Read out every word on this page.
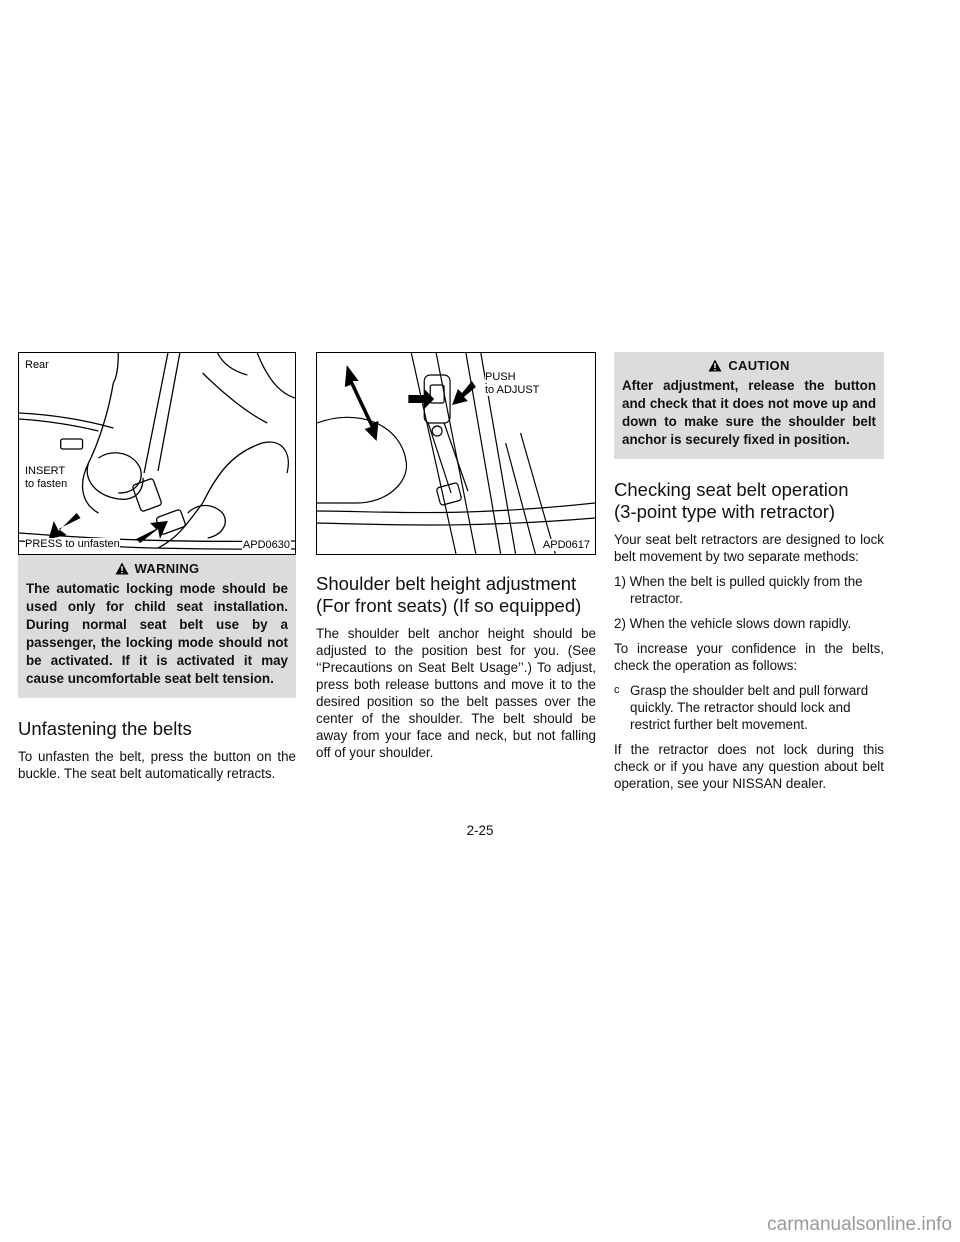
Rear
INSERT
to fasten
PRESS to unfasten	APD0630
WARNING
The automatic locking mode should be used only for child seat installation. During normal seat belt use by a passenger, the locking mode should not be activated. If it is activated it may cause uncomfortable seat belt tension.
Unfastening the belts

To unfasten the belt, press the button on the buckle. The seat belt automatically retracts.

PUSH
to ADJUST
APD0617
Shoulder belt height adjustment
(For front seats) (If so equipped)

The shoulder belt anchor height should be adjusted to the position best for you. (See ‘‘Precautions on Seat Belt Usage’’.) To adjust, press both release buttons and move it to the desired position so the belt passes over the center of the shoulder. The belt should be away from your face and neck, but not falling off of your shoulder.

CAUTION
After adjustment, release the button and check that it does not move up and down to make sure the shoulder belt anchor is securely fixed in position.
Checking seat belt operation
(3-point type with retractor)

Your seat belt retractors are designed to lock belt movement by two separate methods:

1) When the belt is pulled quickly from the retractor.
2) When the vehicle slows down rapidly.

To increase your confidence in the belts, check the operation as follows:

c Grasp the shoulder belt and pull forward quickly. The retractor should lock and restrict further belt movement.

If the retractor does not lock during this check or if you have any question about belt operation, see your NISSAN dealer.

2-25
carmanualsonline.info
